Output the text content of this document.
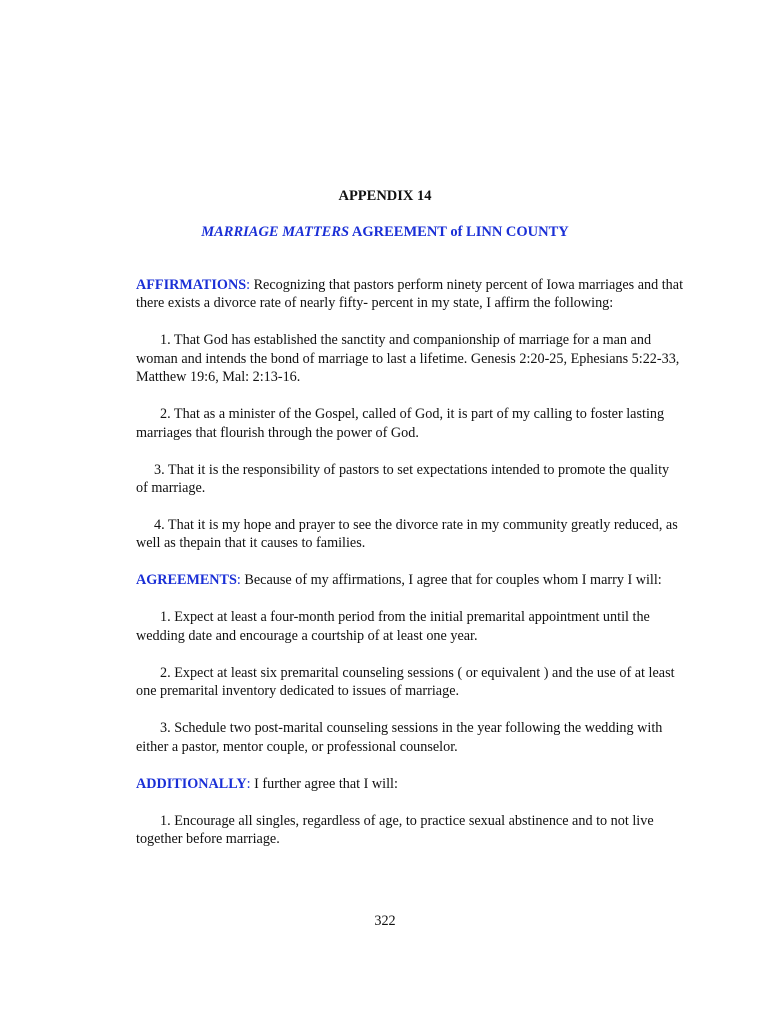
APPENDIX 14
MARRIAGE MATTERS AGREEMENT of LINN COUNTY

AFFIRMATIONS: Recognizing that pastors perform ninety percent of Iowa marriages and that there exists a divorce rate of nearly fifty- percent in my state, I affirm the following:

1. That God has established the sanctity and companionship of marriage for a man and woman and intends the bond of marriage to last a lifetime. Genesis 2:20-25, Ephesians 5:22-33, Matthew 19:6, Mal: 2:13-16.

2. That as a minister of the Gospel, called of God, it is part of my calling to foster lasting marriages that flourish through the power of God.

3. That it is the responsibility of pastors to set expectations intended to promote the quality of marriage.

4. That it is my hope and prayer to see the divorce rate in my community greatly reduced, as well as thepain that it causes to families.

AGREEMENTS: Because of my affirmations, I agree that for couples whom I marry I will:

1. Expect at least a four-month period from the initial premarital appointment until the wedding date and encourage a courtship of at least one year.

2. Expect at least six premarital counseling sessions ( or equivalent ) and the use of at least one premarital inventory dedicated to issues of marriage.

3. Schedule two post-marital counseling sessions in the year following the wedding with either a pastor, mentor couple, or professional counselor.

ADDITIONALLY: I further agree that I will:

1. Encourage all singles, regardless of age, to practice sexual abstinence and to not live together before marriage.

322
